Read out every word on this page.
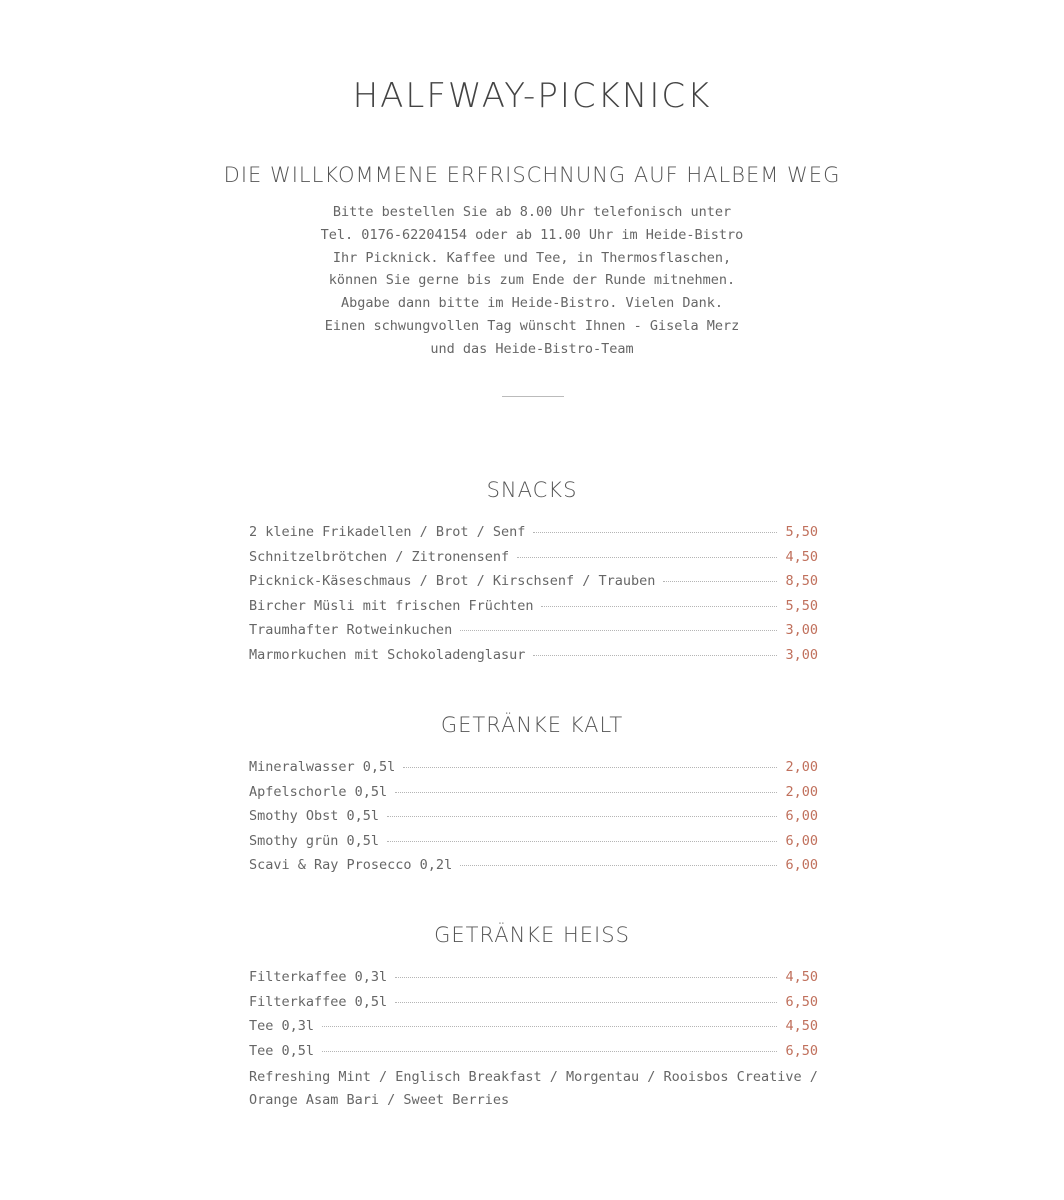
HALFWAY-PICKNICK
DIE WILLKOMMENE ERFRISCHNUNG AUF HALBEM WEG
Bitte bestellen Sie ab 8.00 Uhr telefonisch unter
Tel. 0176-62204154 oder ab 11.00 Uhr im Heide-Bistro
Ihr Picknick. Kaffee und Tee, in Thermosflaschen,
können Sie gerne bis zum Ende der Runde mitnehmen.
Abgabe dann bitte im Heide-Bistro. Vielen Dank.
Einen schwungvollen Tag wünscht Ihnen - Gisela Merz
und das Heide-Bistro-Team
SNACKS
2 kleine Frikadellen / Brot / Senf	5,50
Schnitzelbrötchen / Zitronensenf	4,50
Picknick-Käseschmaus / Brot / Kirschsenf / Trauben	8,50
Bircher Müsli mit frischen Früchten	5,50
Traumhafter Rotweinkuchen	3,00
Marmorkuchen mit Schokoladenglasur	3,00
GETRÄNKE KALT
Mineralwasser 0,5l	2,00
Apfelschorle 0,5l	2,00
Smothy Obst 0,5l	6,00
Smothy grün 0,5l	6,00
Scavi & Ray Prosecco 0,2l	6,00
GETRÄNKE HEISS
Filterkaffee 0,3l	4,50
Filterkaffee 0,5l	6,50
Tee 0,3l	4,50
Tee 0,5l	6,50
Refreshing Mint / Englisch Breakfast / Morgentau / Rooisbos Creative /
Orange Asam Bari / Sweet Berries
